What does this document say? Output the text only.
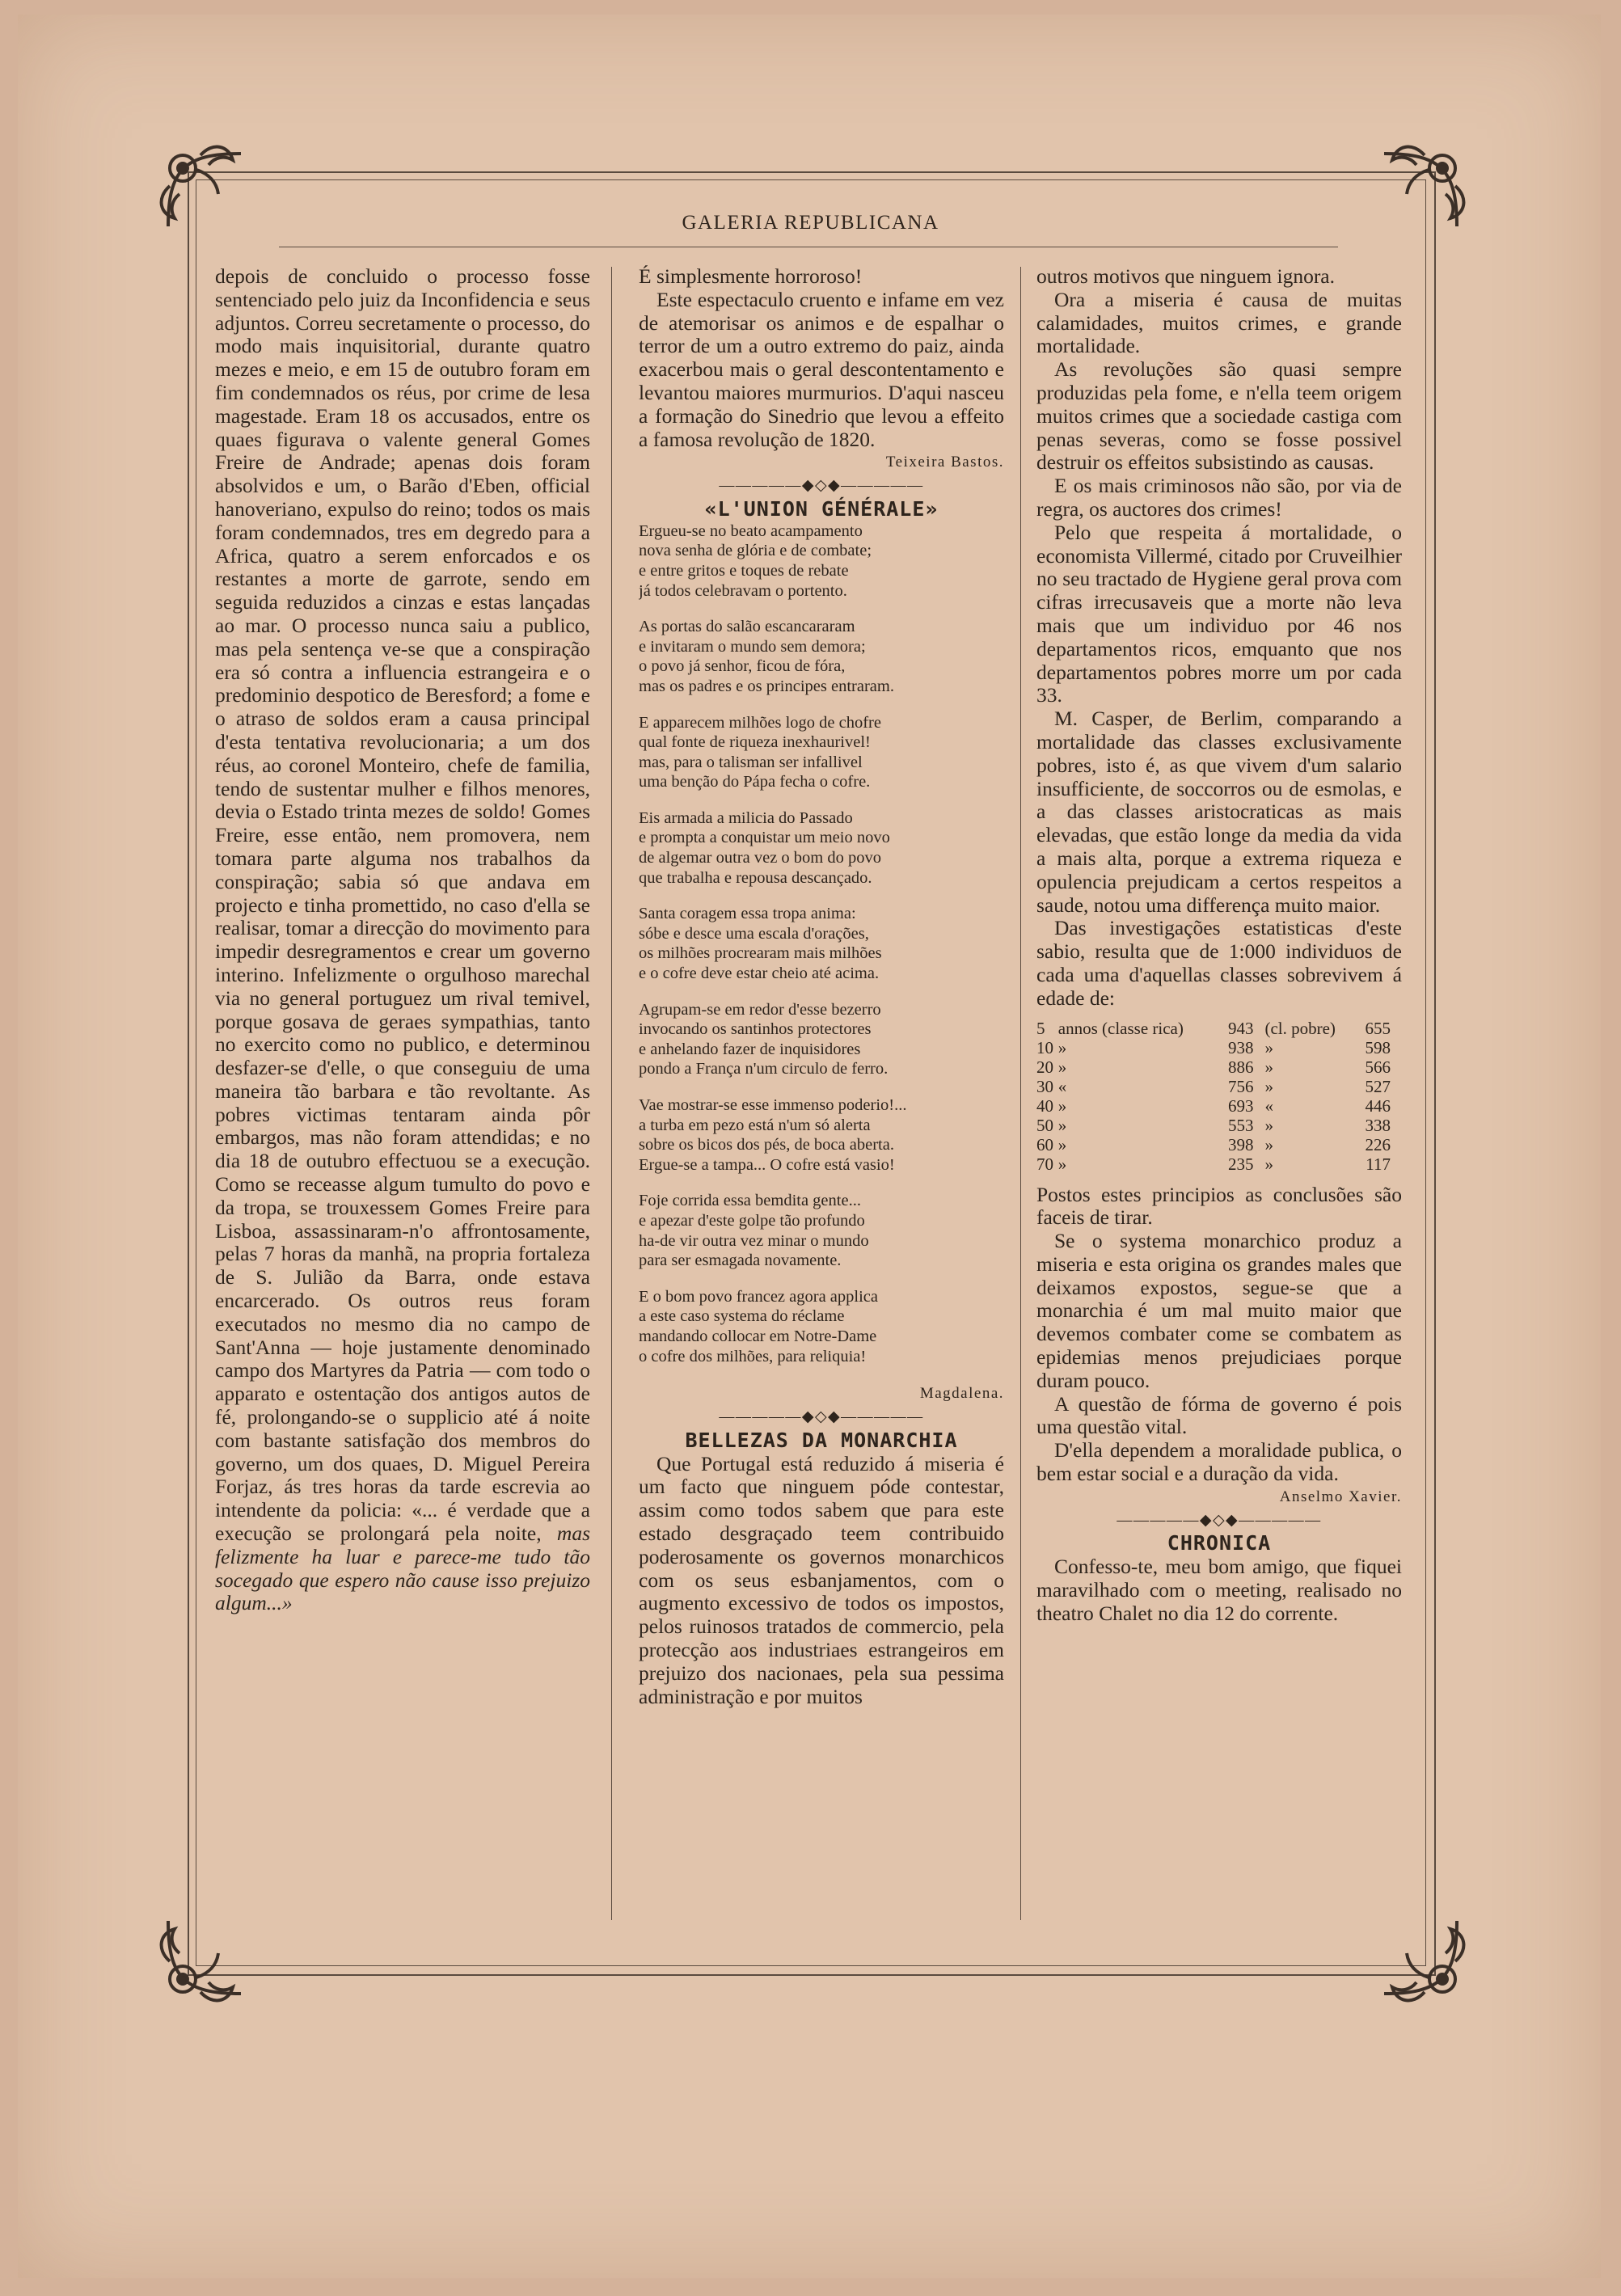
GALERIA REPUBLICANA

depois de concluido o processo fosse sentenciado pelo juiz da Inconfidencia e seus adjuntos. Correu secretamente o processo, do modo mais inquisitorial, durante quatro mezes e meio, e em 15 de outubro foram em fim condemnados os réus, por crime de lesa magestade. Eram 18 os accusados, entre os quaes figurava o valente general Gomes Freire de Andrade; apenas dois foram absolvidos e um, o Barão d'Eben, official hanoveriano, expulso do reino; todos os mais foram condemnados, tres em degredo para a Africa, quatro a serem enforcados e os restantes a morte de garrote, sendo em seguida reduzidos a cinzas e estas lançadas ao mar. O processo nunca saiu a publico, mas pela sentença ve-se que a conspiração era só contra a influencia estrangeira e o predominio despotico de Beresford; a fome e o atraso de soldos eram a causa principal d'esta tentativa revolucionaria; a um dos réus, ao coronel Monteiro, chefe de familia, tendo de sustentar mulher e filhos menores, devia o Estado trinta mezes de soldo! Gomes Freire, esse então, nem promovera, nem tomara parte alguma nos trabalhos da conspiração; sabia só que andava em projecto e tinha promettido, no caso d'ella se realisar, tomar a direcção do movimento para impedir desregramentos e crear um governo interino. Infelizmente o orgulhoso marechal via no general portuguez um rival temivel, porque gosava de geraes sympathias, tanto no exercito como no publico, e determinou desfazer-se d'elle, o que conseguiu de uma maneira tão barbara e tão revoltante. As pobres victimas tentaram ainda pôr embargos, mas não foram attendidas; e no dia 18 de outubro effectuou se a execução. Como se receasse algum tumulto do povo e da tropa, se trouxessem Gomes Freire para Lisboa, assassinaram-n'o affrontosamente, pelas 7 horas da manhã, na propria fortaleza de S. Julião da Barra, onde estava encarcerado. Os outros reus foram executados no mesmo dia no campo de Sant'Anna — hoje justamente denominado campo dos Martyres da Patria — com todo o apparato e ostentação dos antigos autos de fé, prolongando-se o supplicio até á noite com bastante satisfação dos membros do governo, um dos quaes, D. Miguel Pereira Forjaz, ás tres horas da tarde escrevia ao intendente da policia: «... é verdade que a execução se prolongará pela noite, mas felizmente ha luar e parece-me tudo tão socegado que espero não cause isso prejuizo algum...»

É simplesmente horroroso!

Este espectaculo cruento e infame em vez de atemorisar os animos e de espalhar o terror de um a outro extremo do paiz, ainda exacerbou mais o geral descontentamento e levantou maiores murmurios. D'aqui nasceu a formação do Sinedrio que levou a effeito a famosa revolução de 1820.

Teixeira Bastos.

—————◆◇◆—————

«L'UNION GÉNÉRALE»

Ergueu-se no beato acampamento
nova senha de glória e de combate;
e entre gritos e toques de rebate
já todos celebravam o portento.
As portas do salão escancararam
e invitaram o mundo sem demora;
o povo já senhor, ficou de fóra,
mas os padres e os principes entraram.
E apparecem milhões logo de chofre
qual fonte de riqueza inexhaurivel!
mas, para o talisman ser infallivel
uma benção do Pápa fecha o cofre.
Eis armada a milicia do Passado
e prompta a conquistar um meio novo
de algemar outra vez o bom do povo
que trabalha e repousa descançado.
Santa coragem essa tropa anima:
sóbe e desce uma escala d'orações,
os milhões procrearam mais milhões
e o cofre deve estar cheio até acima.
Agrupam-se em redor d'esse bezerro
invocando os santinhos protectores
e anhelando fazer de inquisidores
pondo a França n'um circulo de ferro.
Vae mostrar-se esse immenso poderio!...
a turba em pezo está n'um só alerta
sobre os bicos dos pés, de boca aberta.
Ergue-se a tampa... O cofre está vasio!
Foje corrida essa bemdita gente...
e apezar d'este golpe tão profundo
ha-de vir outra vez minar o mundo
para ser esmagada novamente.
E o bom povo francez agora applica
a este caso systema do réclame
mandando collocar em Notre-Dame
o cofre dos milhões, para reliquia!

Magdalena.

—————◆◇◆—————

BELLEZAS DA MONARCHIA

Que Portugal está reduzido á miseria é um facto que ninguem póde contestar, assim como todos sabem que para este estado desgraçado teem contribuido poderosamente os governos monarchicos com os seus esbanjamentos, com o augmento excessivo de todos os impostos, pelos ruinosos tratados de commercio, pela protecção aos industriaes estrangeiros em prejuizo dos nacionaes, pela sua pessima administração e por muitos

outros motivos que ninguem ignora.

Ora a miseria é causa de muitas calamidades, muitos crimes, e grande mortalidade.

As revoluções são quasi sempre produzidas pela fome, e n'ella teem origem muitos crimes que a sociedade castiga com penas severas, como se fosse possivel destruir os effeitos subsistindo as causas.

E os mais criminosos não são, por via de regra, os auctores dos crimes!

Pelo que respeita á mortalidade, o economista Villermé, citado por Cruveilhier no seu tractado de Hygiene geral prova com cifras irrecusaveis que a morte não leva mais que um individuo por 46 nos departamentos ricos, emquanto que nos departamentos pobres morre um por cada 33.

M. Casper, de Berlim, comparando a mortalidade das classes exclusivamente pobres, isto é, as que vivem d'um salario insufficiente, de soccorros ou de esmolas, e a das classes aristocraticas as mais elevadas, que estão longe da media da vida a mais alta, porque a extrema riqueza e opulencia prejudicam a certos respeitos a saude, notou uma differença muito maior.

Das investigações estatisticas d'este sabio, resulta que de 1:000 individuos de cada uma d'aquellas classes sobrevivem á edade de:

5	annos (classe rica)	943	(cl. pobre)	655
10	»	938	»	598
20	»	886	»	566
30	«	756	»	527
40	»	693	«	446
50	»	553	»	338
60	»	398	»	226
70	»	235	»	117

Postos estes principios as conclusões são faceis de tirar.

Se o systema monarchico produz a miseria e esta origina os grandes males que deixamos expostos, segue-se que a monarchia é um mal muito maior que devemos combater come se combatem as epidemias menos prejudiciaes porque duram pouco.

A questão de fórma de governo é pois uma questão vital.

D'ella dependem a moralidade publica, o bem estar social e a duração da vida.

Anselmo Xavier.

—————◆◇◆—————

CHRONICA

Confesso-te, meu bom amigo, que fiquei maravilhado com o meeting, realisado no theatro Chalet no dia 12 do corrente.
